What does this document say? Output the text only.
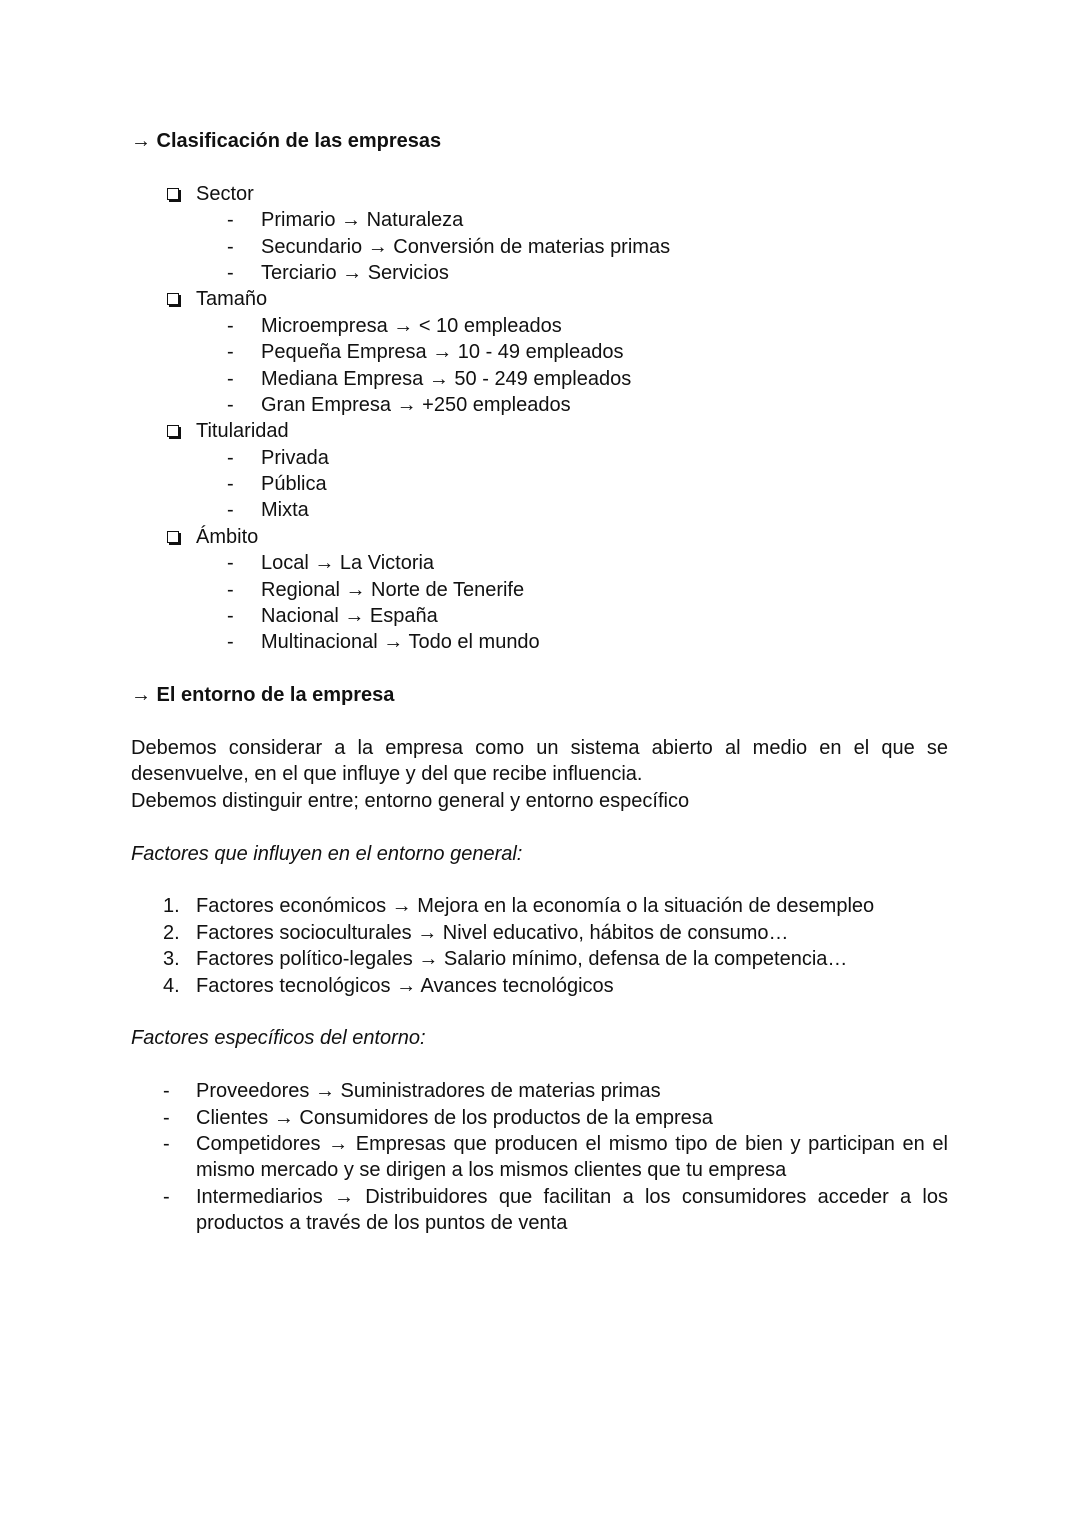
→ Clasificación de las empresas
Sector
- Primario → Naturaleza
- Secundario → Conversión de materias primas
- Terciario → Servicios
Tamaño
- Microempresa → < 10 empleados
- Pequeña Empresa → 10 - 49 empleados
- Mediana Empresa → 50 - 249 empleados
- Gran Empresa → +250 empleados
Titularidad
- Privada
- Pública
- Mixta
Ámbito
- Local → La Victoria
- Regional → Norte de Tenerife
- Nacional → España
- Multinacional → Todo el mundo
→ El entorno de la empresa
Debemos considerar a la empresa como un sistema abierto al medio en el que se desenvuelve, en el que influye y del que recibe influencia.
Debemos distinguir entre; entorno general y entorno específico
Factores que influyen en el entorno general:
1. Factores económicos → Mejora en la economía o la situación de desempleo
2. Factores socioculturales → Nivel educativo, hábitos de consumo…
3. Factores político-legales → Salario mínimo, defensa de la competencia…
4. Factores tecnológicos → Avances tecnológicos
Factores específicos del entorno:
- Proveedores → Suministradores de materias primas
- Clientes → Consumidores de los productos de la empresa
- Competidores → Empresas que producen el mismo tipo de bien y participan en el mismo mercado y se dirigen a los mismos clientes que tu empresa
- Intermediarios → Distribuidores que facilitan a los consumidores acceder a los productos a través de los puntos de venta
